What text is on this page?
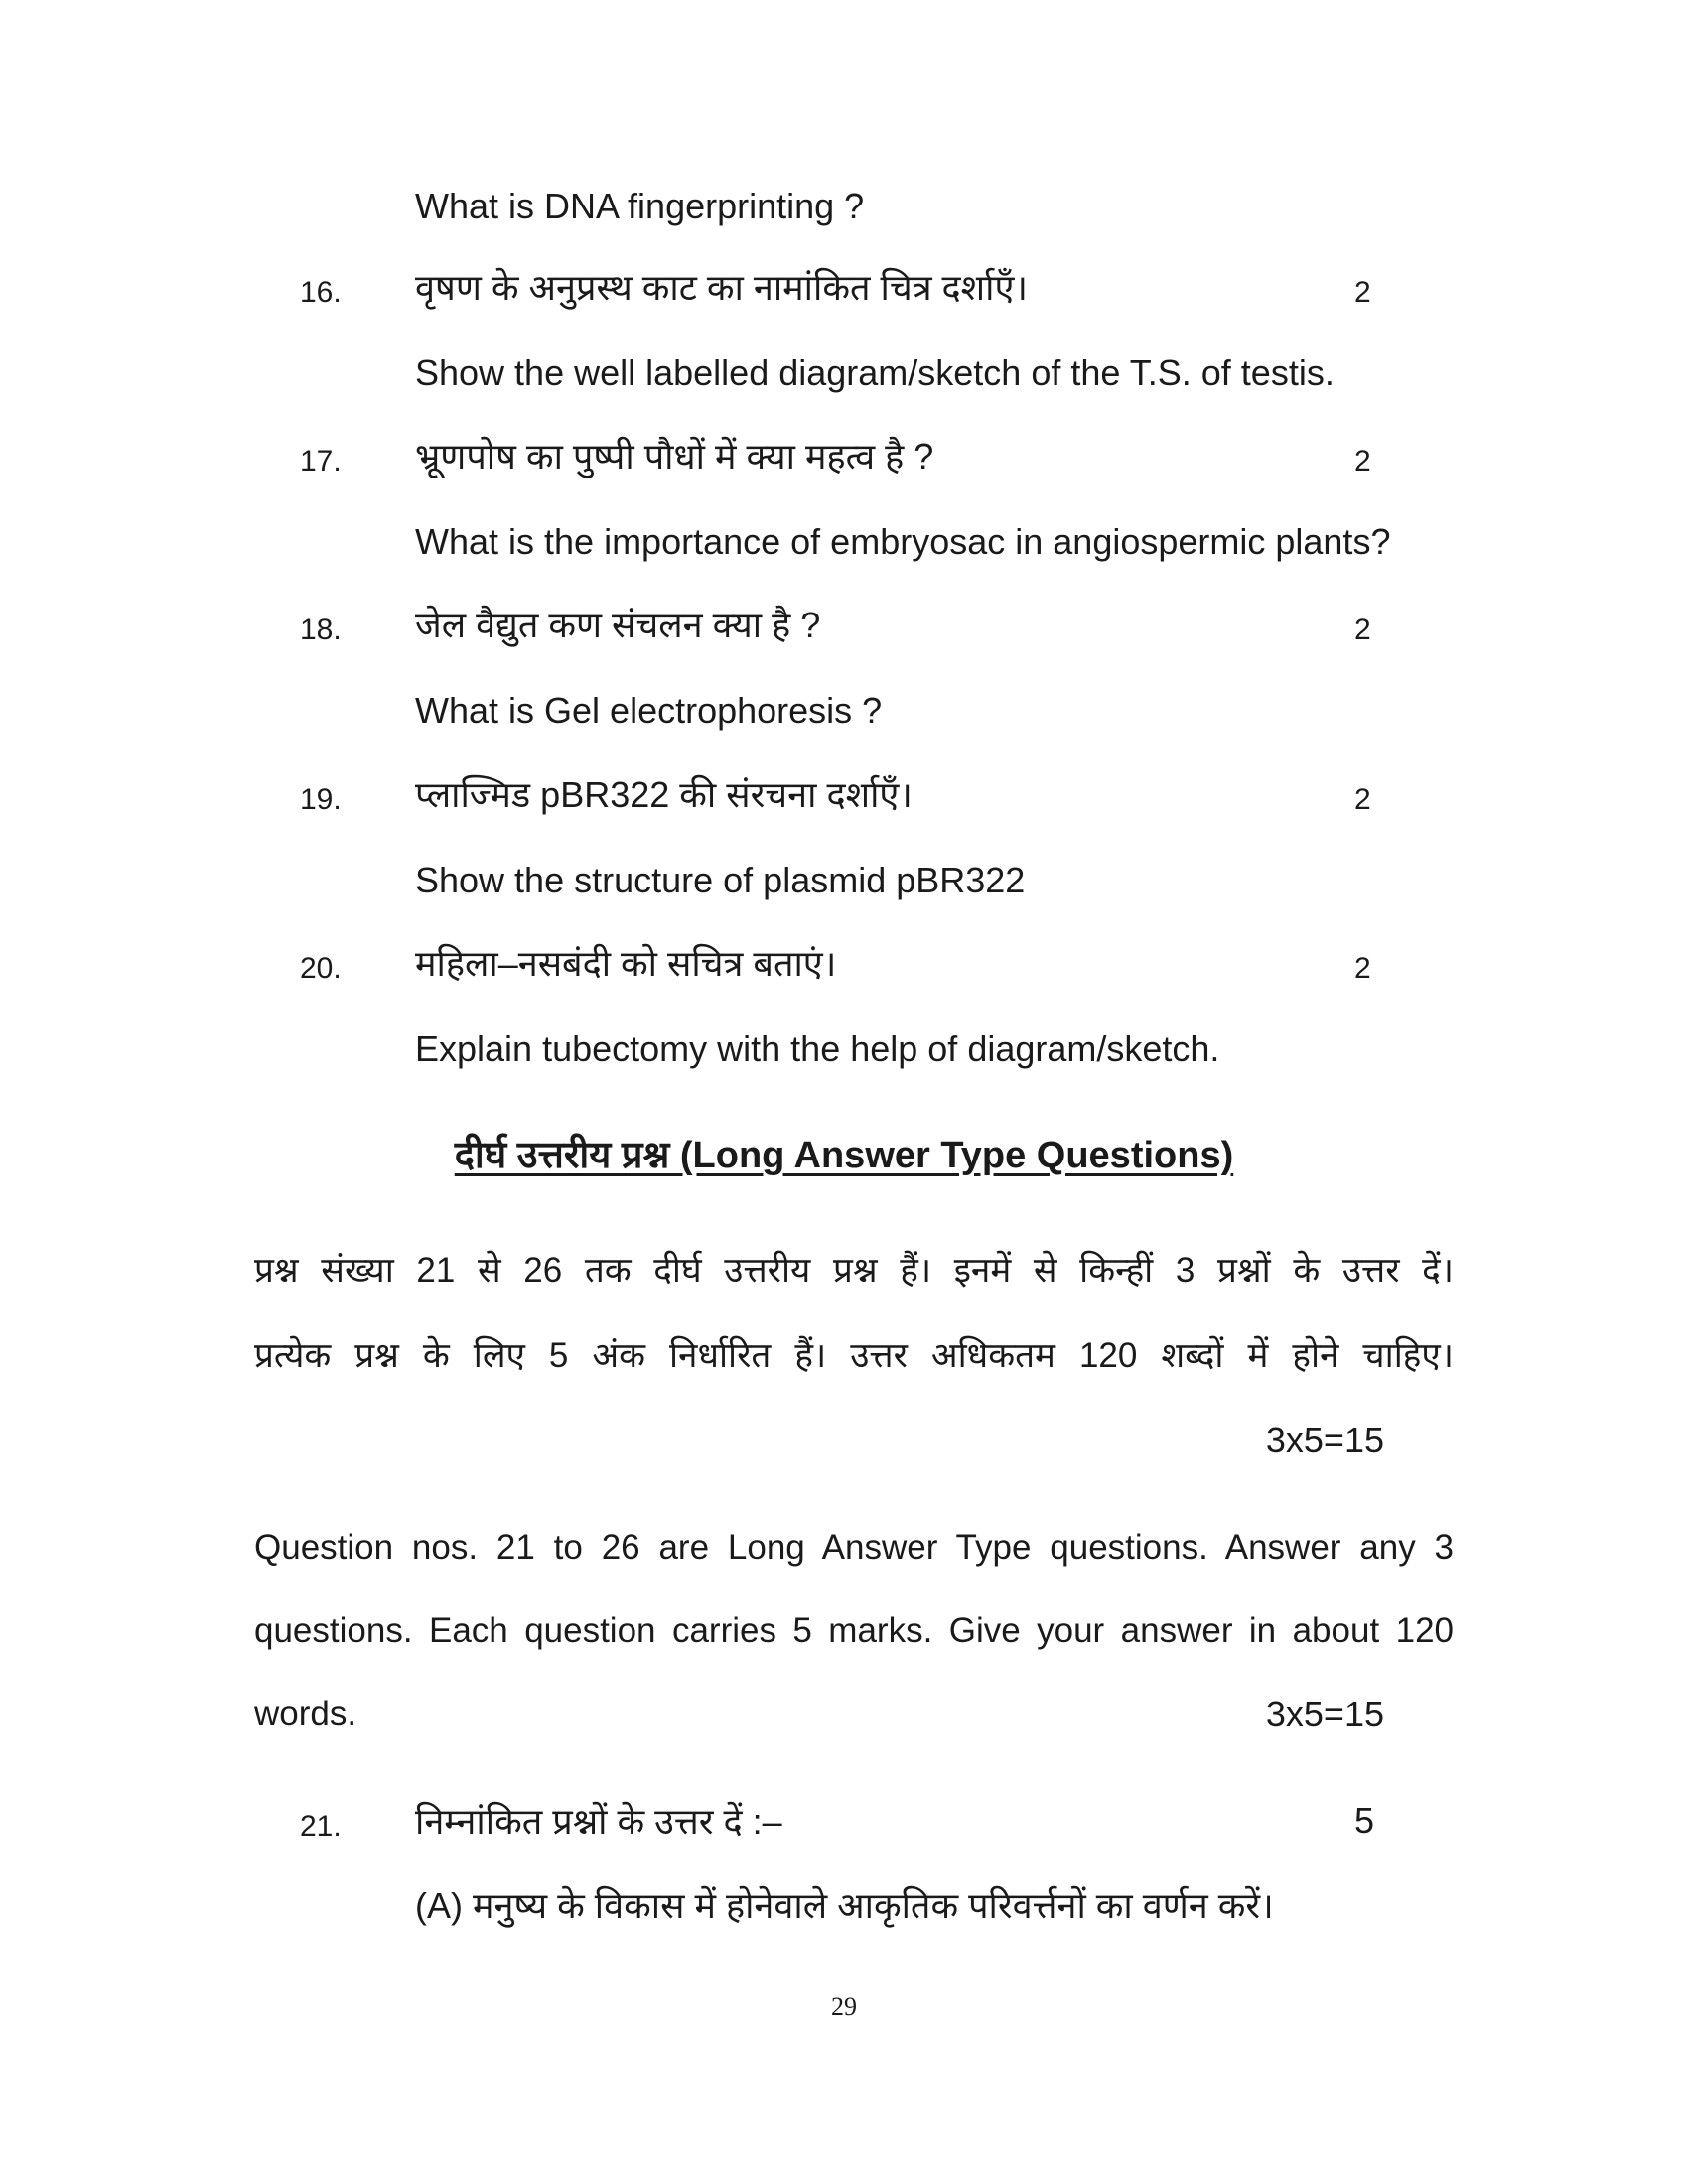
What is DNA fingerprinting ?
16. वृषण के अनुप्रस्थ काट का नामांकित चित्र दर्शाएँ।	2
Show the well labelled diagram/sketch of the T.S. of testis.
17. भ्रूणपोष का पुष्पी पौधों में क्या महत्व है ?	2
What is the importance of embryosac in angiospermic plants?
18. जेल वैद्युत कण संचलन क्या है ?	2
What is Gel electrophoresis ?
19. प्लाज्मिड pBR322 की संरचना दर्शाएँ।	2
Show the structure of plasmid pBR322
20. महिला–नसबंदी को सचित्र बताएं।	2
Explain tubectomy with the help of diagram/sketch.
दीर्घ उत्तरीय प्रश्न (Long Answer Type Questions)
प्रश्न संख्या 21 से 26 तक दीर्घ उत्तरीय प्रश्न हैं। इनमें से किन्हीं 3 प्रश्नों के उत्तर दें।
प्रत्येक प्रश्न के लिए 5 अंक निर्धारित हैं। उत्तर अधिकतम 120 शब्दों में होने चाहिए।
3x5=15
Question nos. 21 to 26 are Long Answer Type questions. Answer any 3
questions. Each question carries 5 marks. Give your answer in about 120
words.	3x5=15
21. निम्नांकित प्रश्नों के उत्तर दें :–	5
(A) मनुष्य के विकास में होनेवाले आकृतिक परिवर्त्तनों का वर्णन करें।
29
